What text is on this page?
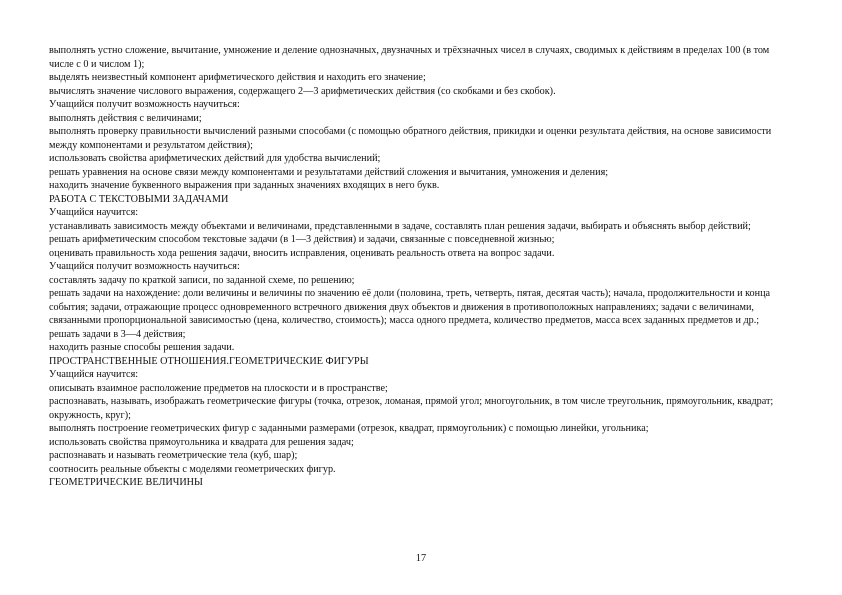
выполнять устно сложение, вычитание, умножение и деление однозначных, двузначных и трёхзначных чисел в случаях, сводимых к действиям в пределах 100 (в том числе с 0 и числом 1);

выделять неизвестный компонент арифметического действия и находить его значение;

вычислять значение числового выражения, содержащего 2—3 арифметических действия (со скобками и без скобок).

Учащийся получит возможность научиться:

выполнять действия с величинами;

выполнять проверку правильности вычислений разными способами (с помощью обратного действия, прикидки и оценки результата действия, на основе зависимости между компонентами и результатом действия);

использовать свойства арифметических действий для удобства вычислений;

решать уравнения на основе связи между компонентами и результатами действий сложения и вычитания, умножения и деления;

находить значение буквенного выражения при заданных значениях входящих в него букв.

РАБОТА С ТЕКСТОВЫМИ ЗАДАЧАМИ

Учащийся научится:

устанавливать зависимость между объектами и величинами, представленными в задаче, составлять план решения задачи, выбирать и объяснять выбор действий;

решать арифметическим способом текстовые задачи (в 1—3 действия) и задачи, связанные с повседневной жизнью;

оценивать правильность хода решения задачи, вносить исправления, оценивать реальность ответа на вопрос задачи.

Учащийся получит возможность научиться:

составлять задачу по краткой записи, по заданной схеме, по решению;

решать задачи на нахождение: доли величины и величины по значению её доли (половина, треть, четверть, пятая, десятая часть); начала, продолжительности и конца события; задачи, отражающие процесс одновременного встречного движения двух объектов и движения в противоположных направлениях; задачи с величинами, связанными пропорциональной зависимостью (цена, количество, стоимость); масса одного предмета, количество предметов, масса всех заданных предметов и др.;

решать задачи в 3—4 действия;

находить разные способы решения задачи.

ПРОСТРАНСТВЕННЫЕ ОТНОШЕНИЯ.ГЕОМЕТРИЧЕСКИЕ ФИГУРЫ

Учащийся научится:

описывать взаимное расположение предметов на плоскости и в пространстве;

распознавать, называть, изображать геометрические фигуры (точка, отрезок, ломаная, прямой угол; многоугольник, в том числе треугольник, прямоугольник, квадрат; окружность, круг);

выполнять построение геометрических фигур с заданными размерами (отрезок, квадрат, прямоугольник) с помощью линейки, угольника;

использовать свойства прямоугольника и квадрата для решения задач;

распознавать и называть геометрические тела (куб, шар);

соотносить реальные объекты с моделями геометрических фигур.

ГЕОМЕТРИЧЕСКИЕ ВЕЛИЧИНЫ

17
